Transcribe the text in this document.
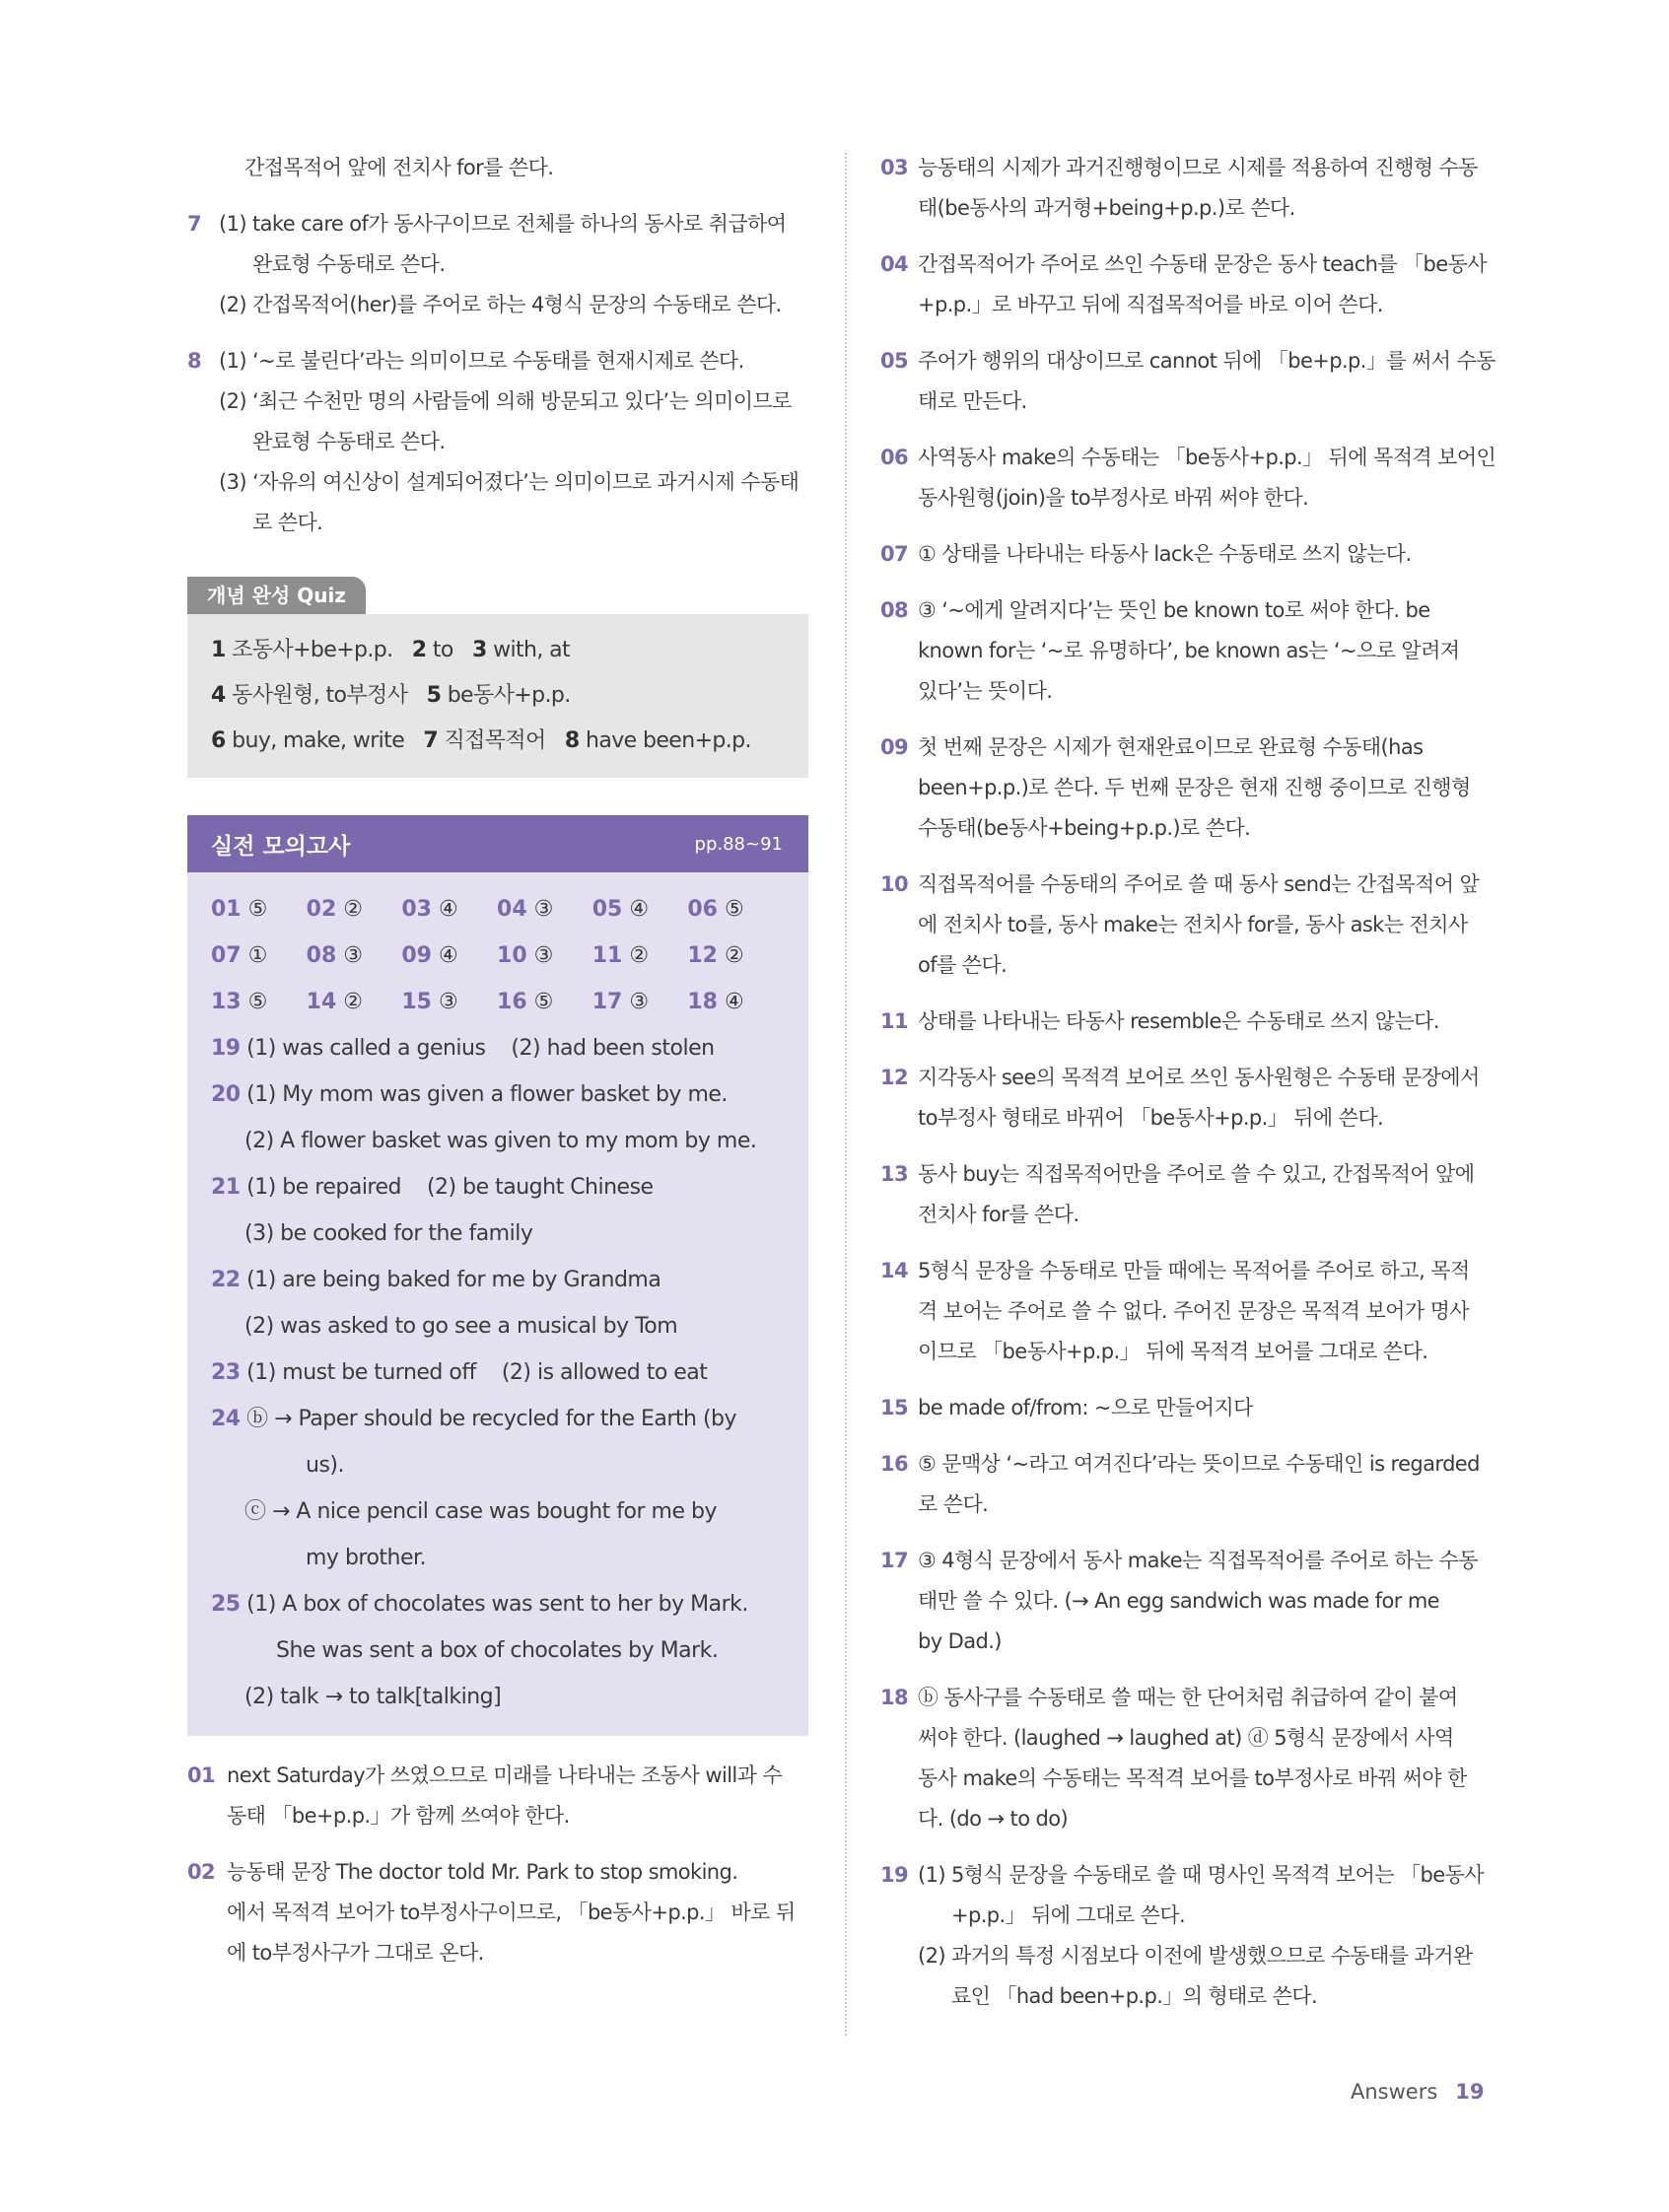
간접목적어 앞에 전치사 for를 쓴다.
7 (1) take care of가 동사구이므로 전체를 하나의 동사로 취급하여
완료형 수동태로 쓴다.
(2) 간접목적어(her)를 주어로 하는 4형식 문장의 수동태로 쓴다.
8 (1) ‘~로 불린다’라는 의미이므로 수동태를 현재시제로 쓴다.
(2) ‘최근 수천만 명의 사람들에 의해 방문되고 있다’는 의미이므로
완료형 수동태로 쓴다.
(3) ‘자유의 여신상이 설계되어졌다’는 의미이므로 과거시제 수동태
로 쓴다.
개념 완성 Quiz
1 조동사+be+p.p. 2 to 3 with, at
4 동사원형, to부정사 5 be동사+p.p.
6 buy, make, write 7 직접목적어 8 have been+p.p.
실전 모의고사	pp.88~91
01 ⑤	02 ②	03 ④	04 ③	05 ④	06 ⑤
07 ①	08 ③	09 ④	10 ③	11 ②	12 ②
13 ⑤	14 ②	15 ③	16 ⑤	17 ③	18 ④
19 (1) was called a genius    (2) had been stolen
20 (1) My mom was given a flower basket by me.
(2) A flower basket was given to my mom by me.
21 (1) be repaired    (2) be taught Chinese
(3) be cooked for the family
22 (1) are being baked for me by Grandma
(2) was asked to go see a musical by Tom
23 (1) must be turned off    (2) is allowed to eat
24 ⓑ → Paper should be recycled for the Earth (by
us).
ⓒ → A nice pencil case was bought for me by
my brother.
25 (1) A box of chocolates was sent to her by Mark.
She was sent a box of chocolates by Mark.
(2) talk → to talk[talking]
01 next Saturday가 쓰였으므로 미래를 나타내는 조동사 will과 수
동태 「be+p.p.」가 함께 쓰여야 한다.
02 능동태 문장 The doctor told Mr. Park to stop smoking.
에서 목적격 보어가 to부정사구이므로, 「be동사+p.p.」 바로 뒤
에 to부정사구가 그대로 온다.
03 능동태의 시제가 과거진행형이므로 시제를 적용하여 진행형 수동
태(be동사의 과거형+being+p.p.)로 쓴다.
04 간접목적어가 주어로 쓰인 수동태 문장은 동사 teach를 「be동사
+p.p.」로 바꾸고 뒤에 직접목적어를 바로 이어 쓴다.
05 주어가 행위의 대상이므로 cannot 뒤에 「be+p.p.」를 써서 수동
태로 만든다.
06 사역동사 make의 수동태는 「be동사+p.p.」 뒤에 목적격 보어인
동사원형(join)을 to부정사로 바꿔 써야 한다.
07 ① 상태를 나타내는 타동사 lack은 수동태로 쓰지 않는다.
08 ③ ‘~에게 알려지다’는 뜻인 be known to로 써야 한다. be
known for는 ‘~로 유명하다’, be known as는 ‘~으로 알려져
있다’는 뜻이다.
09 첫 번째 문장은 시제가 현재완료이므로 완료형 수동태(has
been+p.p.)로 쓴다. 두 번째 문장은 현재 진행 중이므로 진행형
수동태(be동사+being+p.p.)로 쓴다.
10 직접목적어를 수동태의 주어로 쓸 때 동사 send는 간접목적어 앞
에 전치사 to를, 동사 make는 전치사 for를, 동사 ask는 전치사
of를 쓴다.
11 상태를 나타내는 타동사 resemble은 수동태로 쓰지 않는다.
12 지각동사 see의 목적격 보어로 쓰인 동사원형은 수동태 문장에서
to부정사 형태로 바뀌어 「be동사+p.p.」 뒤에 쓴다.
13 동사 buy는 직접목적어만을 주어로 쓸 수 있고, 간접목적어 앞에
전치사 for를 쓴다.
14 5형식 문장을 수동태로 만들 때에는 목적어를 주어로 하고, 목적
격 보어는 주어로 쓸 수 없다. 주어진 문장은 목적격 보어가 명사
이므로 「be동사+p.p.」 뒤에 목적격 보어를 그대로 쓴다.
15 be made of/from: ~으로 만들어지다
16 ⑤ 문맥상 ‘~라고 여겨진다’라는 뜻이므로 수동태인 is regarded
로 쓴다.
17 ③ 4형식 문장에서 동사 make는 직접목적어를 주어로 하는 수동
태만 쓸 수 있다. (→ An egg sandwich was made for me
by Dad.)
18 ⓑ 동사구를 수동태로 쓸 때는 한 단어처럼 취급하여 같이 붙여
써야 한다. (laughed → laughed at) ⓓ 5형식 문장에서 사역
동사 make의 수동태는 목적격 보어를 to부정사로 바꿔 써야 한
다. (do → to do)
19 (1) 5형식 문장을 수동태로 쓸 때 명사인 목적격 보어는 「be동사
+p.p.」 뒤에 그대로 쓴다.
(2) 과거의 특정 시점보다 이전에 발생했으므로 수동태를 과거완
료인 「had been+p.p.」의 형태로 쓴다.
Answers 19
